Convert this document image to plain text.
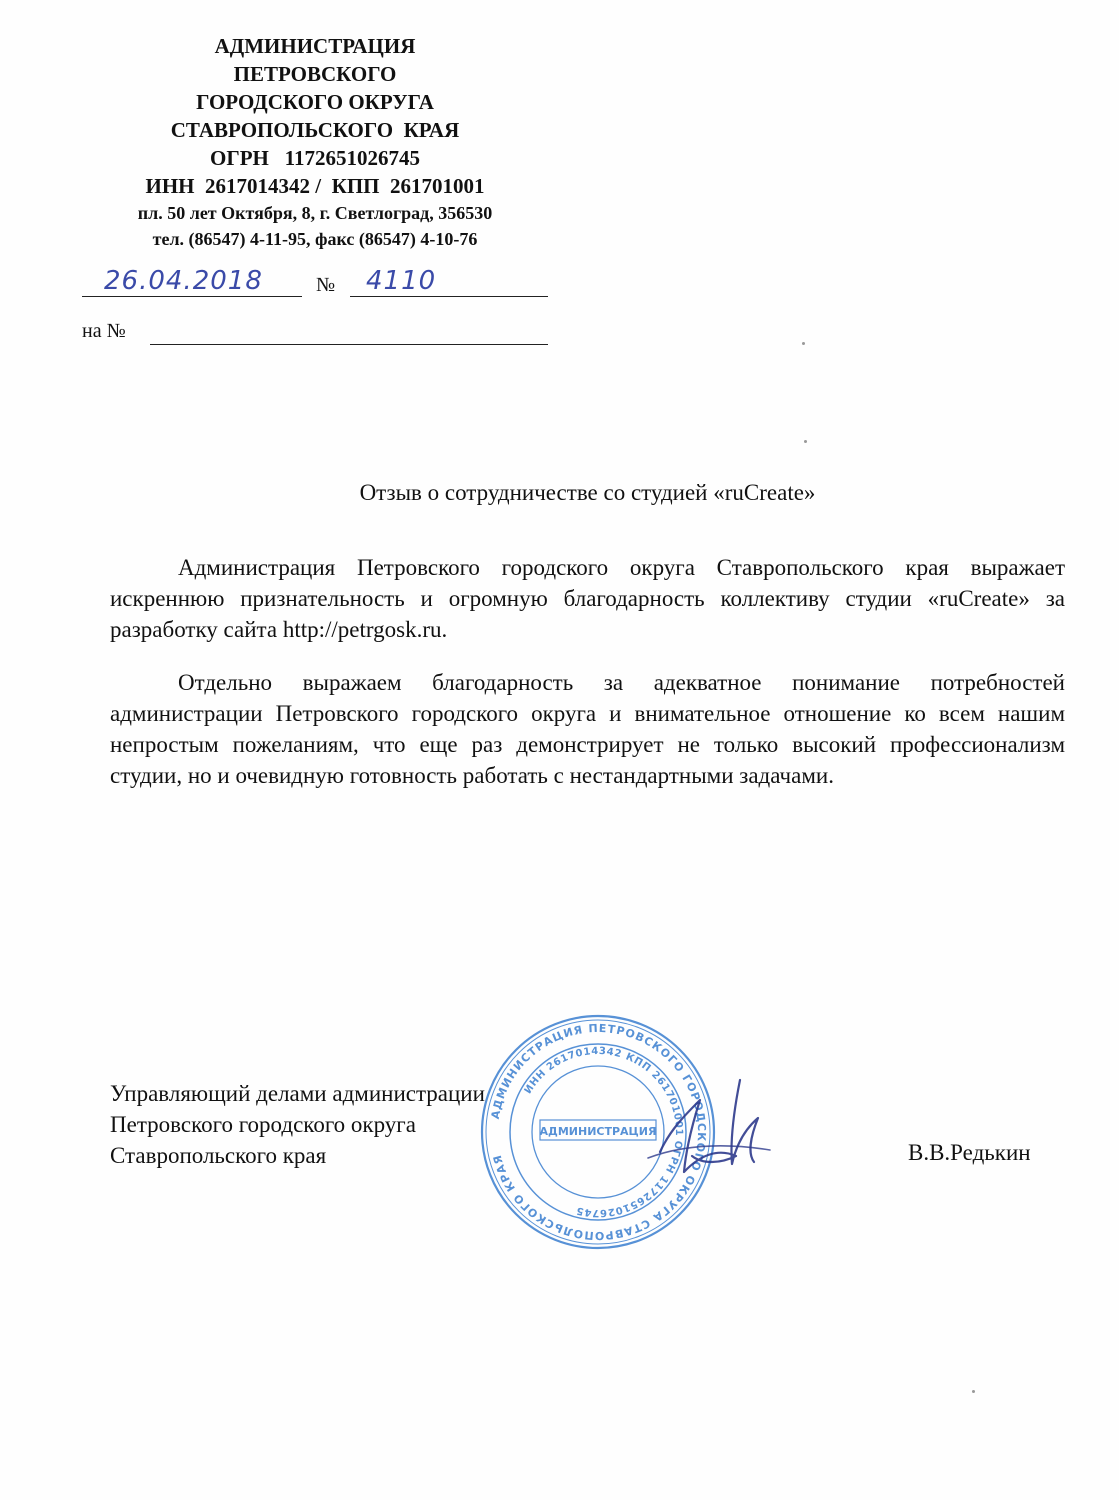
АДМИНИСТРАЦИЯ
ПЕТРОВСКОГО
ГОРОДСКОГО ОКРУГА
СТАВРОПОЛЬСКОГО  КРАЯ
ОГРН   1172651026745
ИНН  2617014342 /  КПП  261701001
пл. 50 лет Октября, 8, г. Светлоград, 356530
тел. (86547) 4-11-95, факс (86547) 4-10-76
26.04.2018	№ 4110
на №
Отзыв о сотрудничестве со студией «ruCreate»

Администрация Петровского городского округа Ставропольского края выражает искреннюю признательность и огромную благодарность коллективу студии «ruCreate» за разработку сайта http://petrgosk.ru.

Отдельно выражаем благодарность за адекватное понимание потребностей администрации Петровского городского округа и внимательное отношение ко всем нашим непростым пожеланиям, что еще раз демонстрирует не только высокий профессионализм студии, но и очевидную готовность работать с нестандартными задачами.

Управляющий делами администрации
Петровского городского округа
Ставропольского края	В.В.Редькин
АДМИНИСТРАЦИЯ ПЕТРОВСКОГО ГОРОДСКОГО ОКРУГА СТАВРОПОЛЬСКОГО КРАЯ
ИНН 2617014342 КПП 261701001 ОГРН 1172651026745
АДМИНИСТРАЦИЯ
